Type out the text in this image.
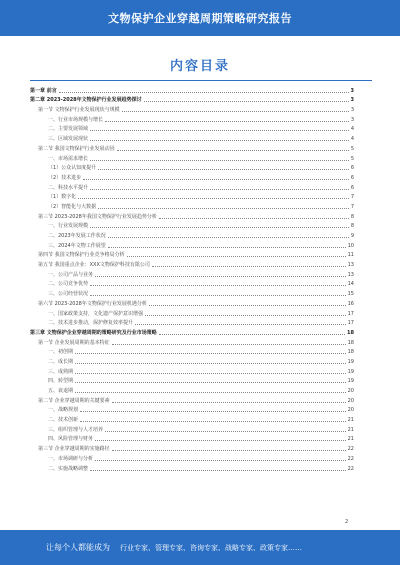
文物保护企业穿越周期策略研究报告
内容目录
第一章 前言	3
第二章 2023-2028年文物保护行业发展趋势探讨	3
第一节 文物保护行业发展现状与规模	3
一、行业市场规模与增长	3
二、主要发展领域	4
三、区域发展现状	4
第二节 我国文物保护行业发展动因	5
一、市场需求增长	5
（1）公众认知度提升	6
（2）技术进步	6
二、科技水平提升	6
（1）数字化	7
（2）智能化与大数据	7
第三节 2023-2028年我国文物保护行业发展趋势分析	8
一、行业发展规模	8
二、2023年发展工作状况	9
三、2024年文物工作展望	10
第四节 我国文物保护行业竞争格局分析	11
第五节 我国重点企业：XXX文物保护科技有限公司	13
一、公司产品与业务	13
二、公司竞争优势	14
三、公司经营状况	15
第六节 2023-2028年文物保护行业发展机遇分析	16
一、国家政策支持，文化遗产保护意识增强	17
二、技术进步推动，保护修复效率提升	17
第三章 文物保护企业穿越周期的策略研究及行业市场策略	18
第一节 企业发展周期的基本特征	18
一、初创期	18
二、成长期	19
三、成熟期	19
四、转型期	19
五、衰退期	20
第二节 企业穿越周期的关键要素	20
一、战略规划	20
二、技术创新	21
三、组织管理与人才培养	21
四、风险管理与财务	21
第三节 企业穿越周期的实施路径	22
一、市场调研与分析	22
二、实施战略调整	22
2
让每个人都能成为	行业专家、管理专家、咨询专家、战略专家、政策专家……
